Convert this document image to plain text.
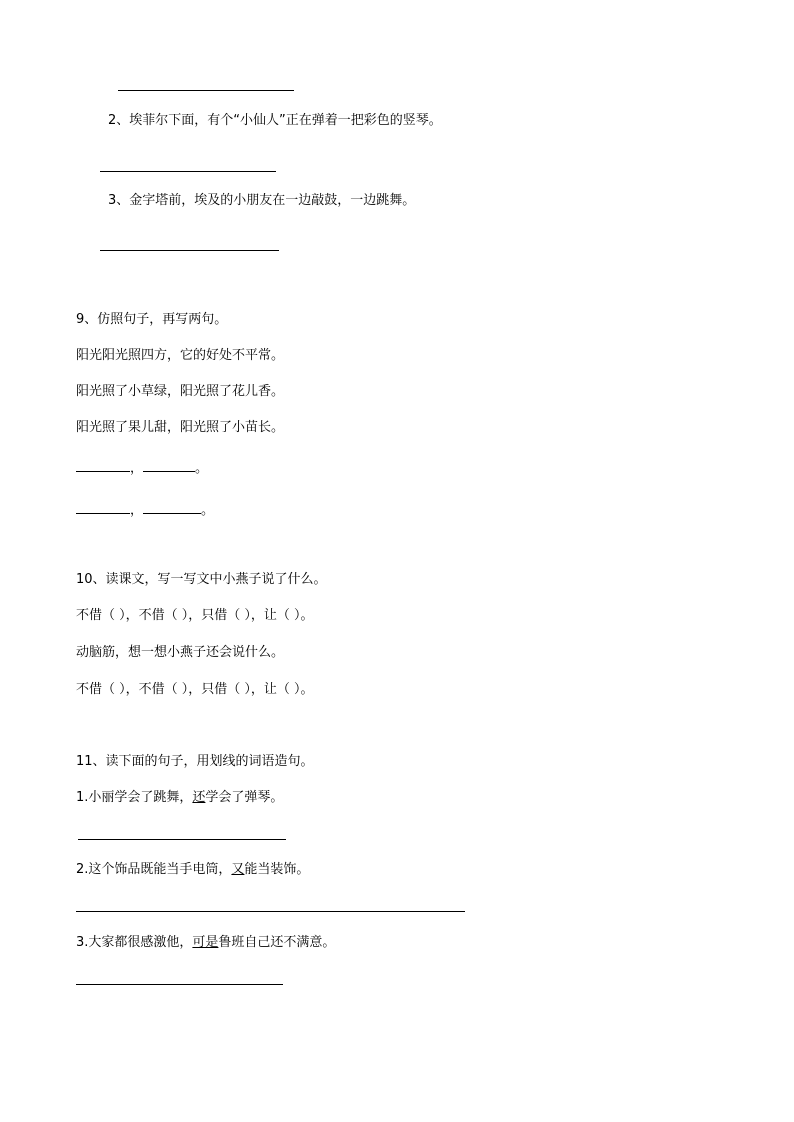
2、埃菲尔下面，有个“小仙人”正在弹着一把彩色的竖琴。
3、金字塔前，埃及的小朋友在一边敲鼓，一边跳舞。
9、仿照句子，再写两句。
阳光阳光照四方，它的好处不平常。
阳光照了小草绿，阳光照了花儿香。
阳光照了果儿甜，阳光照了小苗长。
，	。
，	。
10、读课文，写一写文中小燕子说了什么。
不借（ ），不借（ ），只借（ ），让（ ）。
动脑筋，想一想小燕子还会说什么。
不借（ ），不借（ ），只借（ ），让（ ）。
11、读下面的句子，用划线的词语造句。
1.小丽学会了跳舞，还学会了弹琴。
2.这个饰品既能当手电筒，又能当装饰。
3.大家都很感激他，可是鲁班自己还不满意。
